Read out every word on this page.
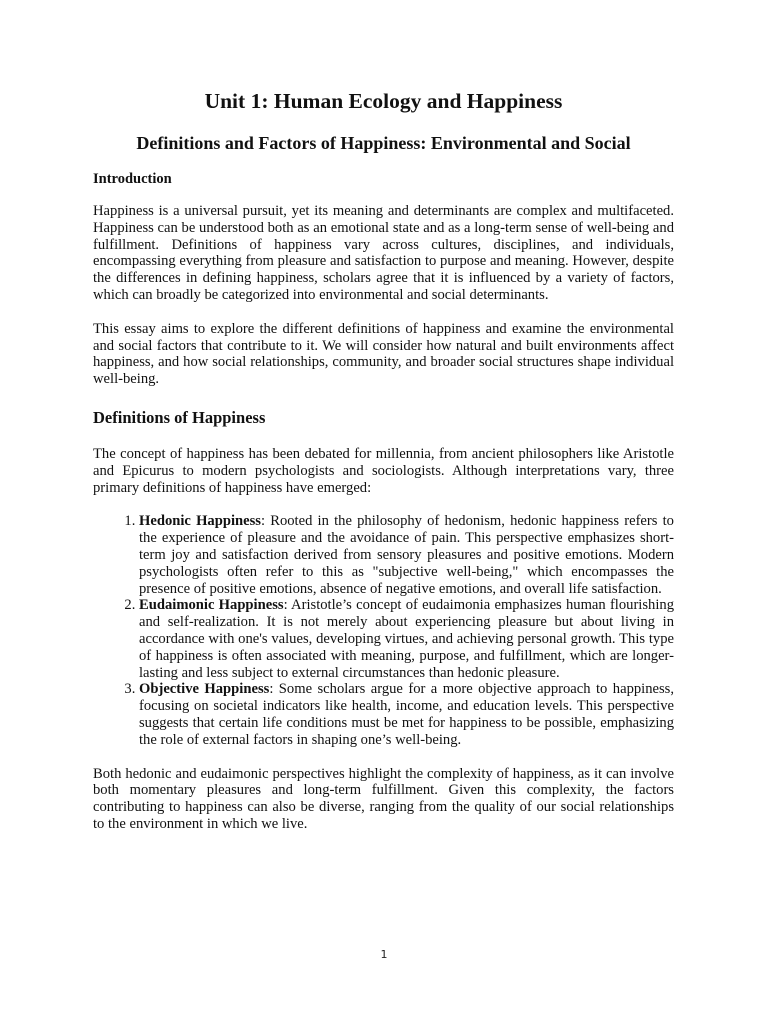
Unit 1: Human Ecology and Happiness
Definitions and Factors of Happiness: Environmental and Social
Introduction

Happiness is a universal pursuit, yet its meaning and determinants are complex and multifaceted. Happiness can be understood both as an emotional state and as a long-term sense of well-being and fulfillment. Definitions of happiness vary across cultures, disciplines, and individuals, encompassing everything from pleasure and satisfaction to purpose and meaning. However, despite the differences in defining happiness, scholars agree that it is influenced by a variety of factors, which can broadly be categorized into environmental and social determinants.

This essay aims to explore the different definitions of happiness and examine the environmental and social factors that contribute to it. We will consider how natural and built environments affect happiness, and how social relationships, community, and broader social structures shape individual well-being.

Definitions of Happiness

The concept of happiness has been debated for millennia, from ancient philosophers like Aristotle and Epicurus to modern psychologists and sociologists. Although interpretations vary, three primary definitions of happiness have emerged:

1. Hedonic Happiness: Rooted in the philosophy of hedonism, hedonic happiness refers to the experience of pleasure and the avoidance of pain. This perspective emphasizes short-term joy and satisfaction derived from sensory pleasures and positive emotions. Modern psychologists often refer to this as "subjective well-being," which encompasses the presence of positive emotions, absence of negative emotions, and overall life satisfaction.
2. Eudaimonic Happiness: Aristotle’s concept of eudaimonia emphasizes human flourishing and self-realization. It is not merely about experiencing pleasure but about living in accordance with one's values, developing virtues, and achieving personal growth. This type of happiness is often associated with meaning, purpose, and fulfillment, which are longer-lasting and less subject to external circumstances than hedonic pleasure.
3. Objective Happiness: Some scholars argue for a more objective approach to happiness, focusing on societal indicators like health, income, and education levels. This perspective suggests that certain life conditions must be met for happiness to be possible, emphasizing the role of external factors in shaping one’s well-being.

Both hedonic and eudaimonic perspectives highlight the complexity of happiness, as it can involve both momentary pleasures and long-term fulfillment. Given this complexity, the factors contributing to happiness can also be diverse, ranging from the quality of our social relationships to the environment in which we live.

1
